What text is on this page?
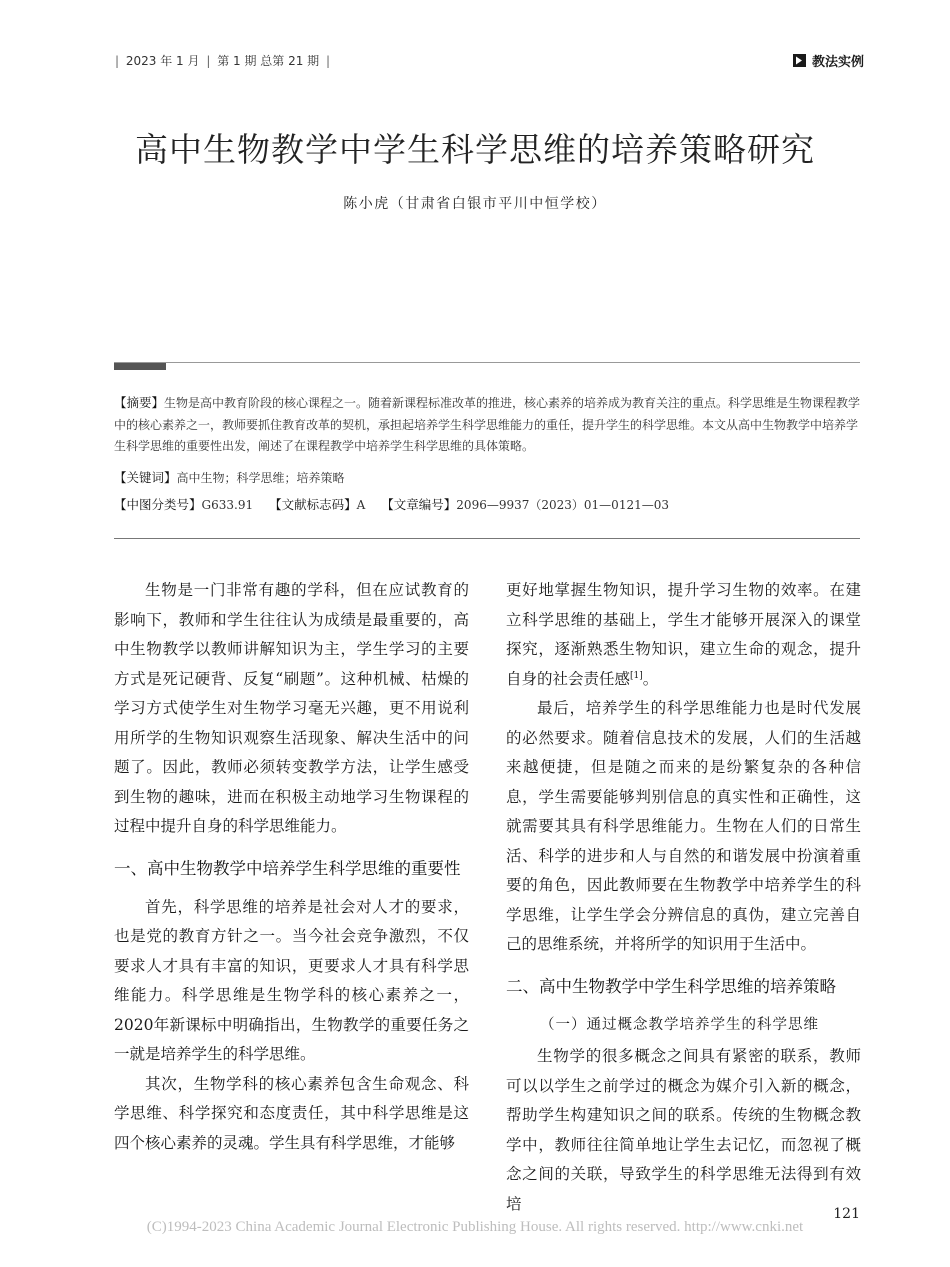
| 2023 年 1 月 | 第 1 期 总第 21 期 |	教法实例
高中生物教学中学生科学思维的培养策略研究
陈小虎（甘肃省白银市平川中恒学校）
【摘要】生物是高中教育阶段的核心课程之一。随着新课程标准改革的推进，核心素养的培养成为教育关注的重点。科学思维是生物课程教学中的核心素养之一，教师要抓住教育改革的契机，承担起培养学生科学思维能力的重任，提升学生的科学思维。本文从高中生物教学中培养学生科学思维的重要性出发，阐述了在课程教学中培养学生科学思维的具体策略。
【关键词】高中生物；科学思维；培养策略
【中图分类号】G633.91 【文献标志码】A 【文章编号】2096—9937（2023）01—0121—03

生物是一门非常有趣的学科，但在应试教育的影响下，教师和学生往往认为成绩是最重要的，高中生物教学以教师讲解知识为主，学生学习的主要方式是死记硬背、反复“刷题”。这种机械、枯燥的学习方式使学生对生物学习毫无兴趣，更不用说利用所学的生物知识观察生活现象、解决生活中的问题了。因此，教师必须转变教学方法，让学生感受到生物的趣味，进而在积极主动地学习生物课程的过程中提升自身的科学思维能力。

一、高中生物教学中培养学生科学思维的重要性

首先，科学思维的培养是社会对人才的要求，也是党的教育方针之一。当今社会竞争激烈，不仅要求人才具有丰富的知识，更要求人才具有科学思维能力。科学思维是生物学科的核心素养之一，2020年新课标中明确指出，生物教学的重要任务之一就是培养学生的科学思维。

其次，生物学科的核心素养包含生命观念、科学思维、科学探究和态度责任，其中科学思维是这四个核心素养的灵魂。学生具有科学思维，才能够

更好地掌握生物知识，提升学习生物的效率。在建立科学思维的基础上，学生才能够开展深入的课堂探究，逐渐熟悉生物知识，建立生命的观念，提升自身的社会责任感[1]。

最后，培养学生的科学思维能力也是时代发展的必然要求。随着信息技术的发展，人们的生活越来越便捷，但是随之而来的是纷繁复杂的各种信息，学生需要能够判别信息的真实性和正确性，这就需要其具有科学思维能力。生物在人们的日常生活、科学的进步和人与自然的和谐发展中扮演着重要的角色，因此教师要在生物教学中培养学生的科学思维，让学生学会分辨信息的真伪，建立完善自己的思维系统，并将所学的知识用于生活中。

二、高中生物教学中学生科学思维的培养策略
（一）通过概念教学培养学生的科学思维

生物学的很多概念之间具有紧密的联系，教师可以以学生之前学过的概念为媒介引入新的概念，帮助学生构建知识之间的联系。传统的生物概念教学中，教师往往简单地让学生去记忆，而忽视了概念之间的关联，导致学生的科学思维无法得到有效培

121
(C)1994-2023 China Academic Journal Electronic Publishing House. All rights reserved. http://www.cnki.net
